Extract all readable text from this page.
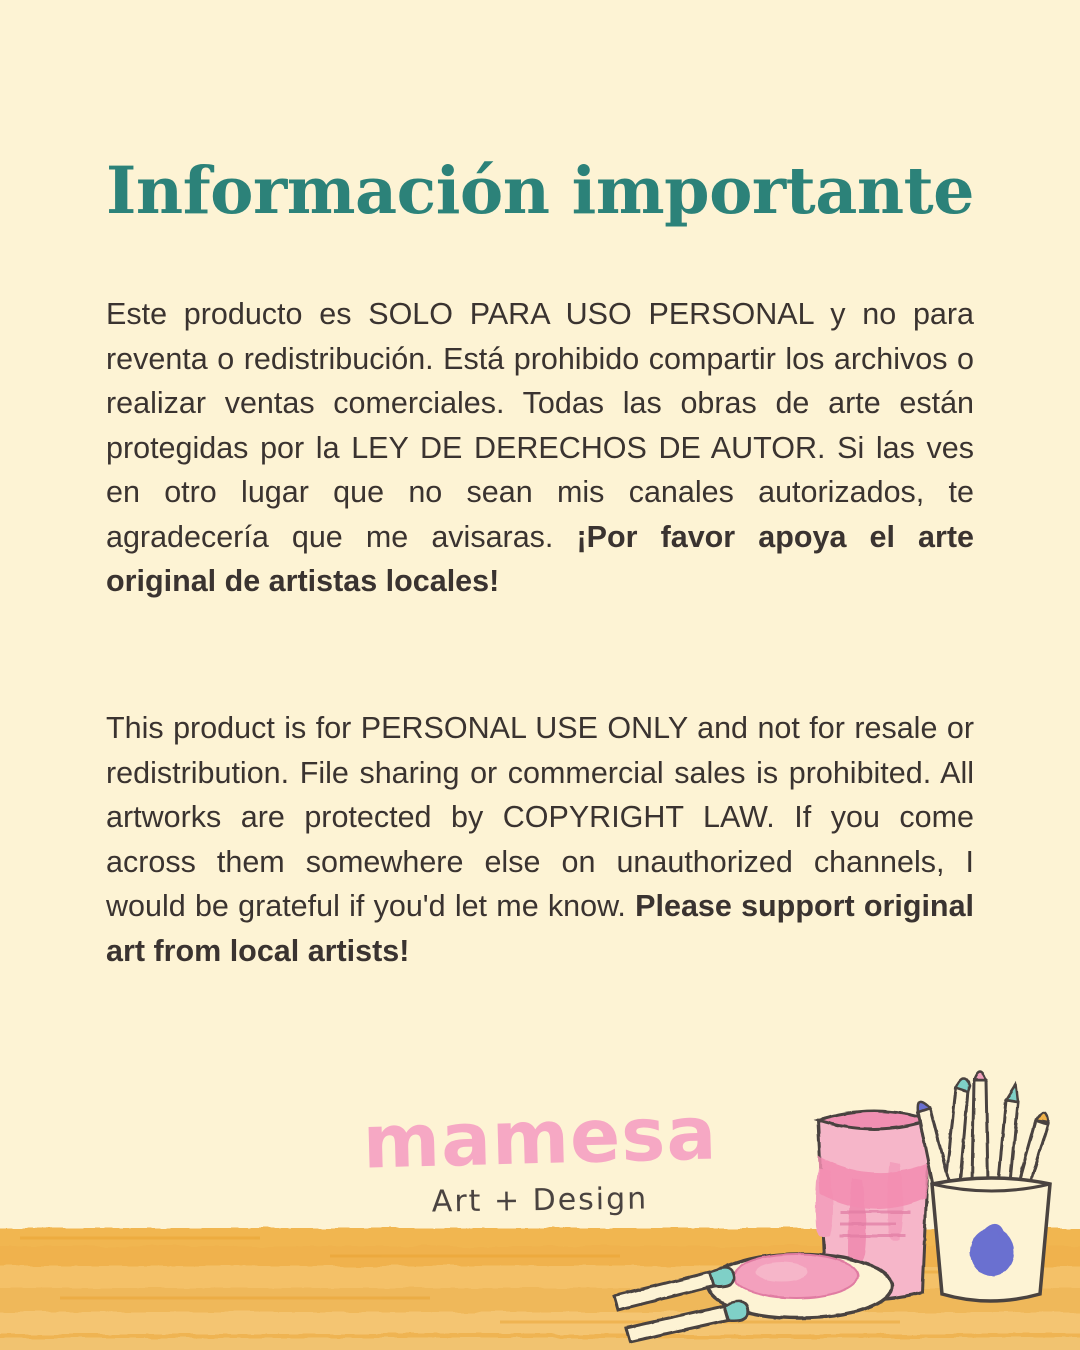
Información importante
Este producto es SOLO PARA USO PERSONAL y no para reventa o redistribución. Está prohibido compartir los archivos o realizar ventas comerciales. Todas las obras de arte están protegidas por la LEY DE DERECHOS DE AUTOR. Si las ves en otro lugar que no sean mis canales autorizados, te agradecería que me avisaras. ¡Por favor apoya el arte original de artistas locales!
This product is for PERSONAL USE ONLY and not for resale or redistribution. File sharing or commercial sales is prohibited. All artworks are protected by COPYRIGHT LAW. If you come across them somewhere else on unauthorized channels, I would be grateful if you'd let me know. Please support original art from local artists!
mamesa
Art + Design
